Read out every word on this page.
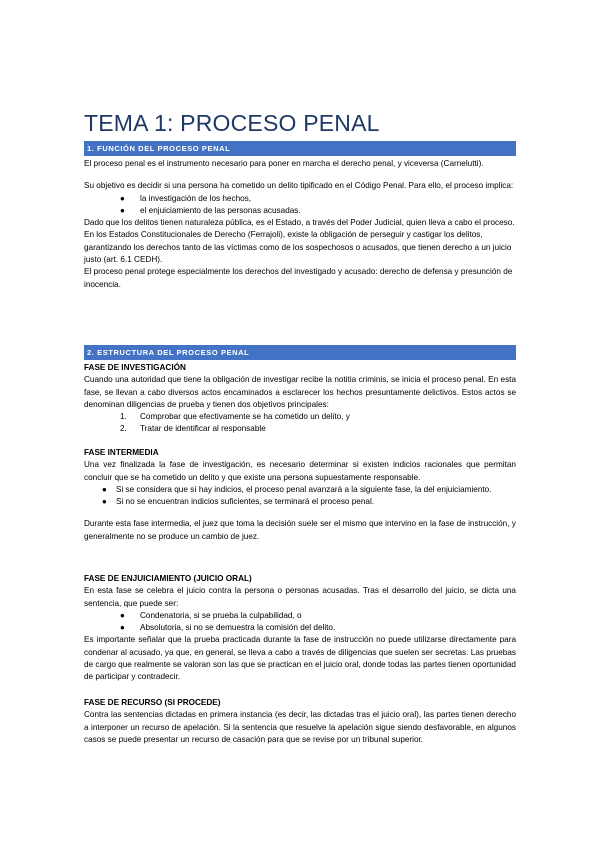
TEMA 1: PROCESO PENAL
1. FUNCIÓN DEL PROCESO PENAL

El proceso penal es el instrumento necesario para poner en marcha el derecho penal, y viceversa (Carnelutti).

Su objetivo es decidir si una persona ha cometido un delito tipificado en el Código Penal. Para ello, el proceso implica:

● la investigación de los hechos,
● el enjuiciamiento de las personas acusadas.

Dado que los delitos tienen naturaleza pública, es el Estado, a través del Poder Judicial, quien lleva a cabo el proceso.

En los Estados Constitucionales de Derecho (Ferrajoli), existe la obligación de perseguir y castigar los delitos, garantizando los derechos tanto de las víctimas como de los sospechosos o acusados, que tienen derecho a un juicio justo (art. 6.1 CEDH).

El proceso penal protege especialmente los derechos del investigado y acusado: derecho de defensa y presunción de inocencia.

2. ESTRUCTURA DEL PROCESO PENAL

FASE DE INVESTIGACIÓN

Cuando una autoridad que tiene la obligación de investigar recibe la notitia criminis, se inicia el proceso penal. En esta fase, se llevan a cabo diversos actos encaminados a esclarecer los hechos presuntamente delictivos. Estos actos se denominan diligencias de prueba y tienen dos objetivos principales:

1. Comprobar que efectivamente se ha cometido un delito, y
2. Tratar de identificar al responsable

FASE INTERMEDIA

Una vez finalizada la fase de investigación, es necesario determinar si existen indicios racionales que permitan concluir que se ha cometido un delito y que existe una persona supuestamente responsable.

● Si se considera que sí hay indicios, el proceso penal avanzará a la siguiente fase, la del enjuiciamiento.
● Si no se encuentran indicios suficientes, se terminará el proceso penal.

Durante esta fase intermedia, el juez que toma la decisión suele ser el mismo que intervino en la fase de instrucción, y generalmente no se produce un cambio de juez.

FASE DE ENJUICIAMIENTO (JUICIO ORAL)

En esta fase se celebra el juicio contra la persona o personas acusadas. Tras el desarrollo del juicio, se dicta una sentencia, que puede ser:

● Condenatoria, si se prueba la culpabilidad, o
● Absolutoria, si no se demuestra la comisión del delito.

Es importante señalar que la prueba practicada durante la fase de instrucción no puede utilizarse directamente para condenar al acusado, ya que, en general, se lleva a cabo a través de diligencias que suelen ser secretas. Las pruebas de cargo que realmente se valoran son las que se practican en el juicio oral, donde todas las partes tienen oportunidad de participar y contradecir.

FASE DE RECURSO (SI PROCEDE)

Contra las sentencias dictadas en primera instancia (es decir, las dictadas tras el juicio oral), las partes tienen derecho a interponer un recurso de apelación. Si la sentencia que resuelve la apelación sigue siendo desfavorable, en algunos casos se puede presentar un recurso de casación para que se revise por un tribunal superior.
